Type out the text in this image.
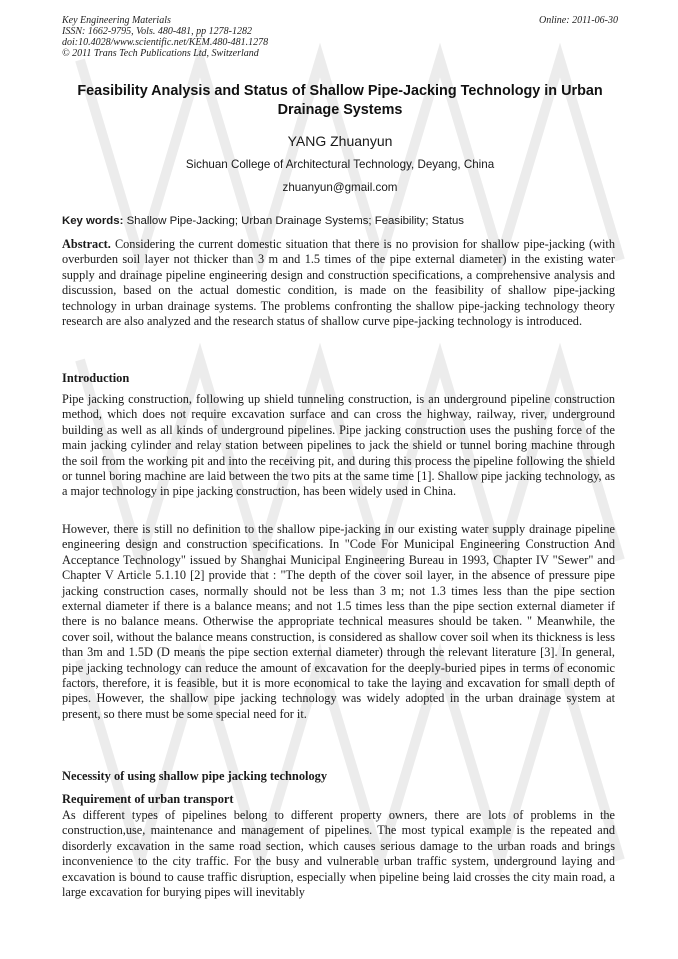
Key Engineering Materials
ISSN: 1662-9795, Vols. 480-481, pp 1278-1282
doi:10.4028/www.scientific.net/KEM.480-481.1278
© 2011 Trans Tech Publications Ltd, Switzerland
Online: 2011-06-30
Feasibility Analysis and Status of Shallow Pipe-Jacking Technology in Urban Drainage Systems
YANG Zhuanyun
Sichuan College of Architectural Technology, Deyang, China
zhuanyun@gmail.com
Key words: Shallow Pipe-Jacking; Urban Drainage Systems; Feasibility; Status

Abstract. Considering the current domestic situation that there is no provision for shallow pipe-jacking (with overburden soil layer not thicker than 3 m and 1.5 times of the pipe external diameter) in the existing water supply and drainage pipeline engineering design and construction specifications, a comprehensive analysis and discussion, based on the actual domestic condition, is made on the feasibility of shallow pipe-jacking technology in urban drainage systems. The problems confronting the shallow pipe-jacking technology theory research are also analyzed and the research status of shallow curve pipe-jacking technology is introduced.

Introduction

Pipe jacking construction, following up shield tunneling construction, is an underground pipeline construction method, which does not require excavation surface and can cross the highway, railway, river, underground building as well as all kinds of underground pipelines. Pipe jacking construction uses the pushing force of the main jacking cylinder and relay station between pipelines to jack the shield or tunnel boring machine through the soil from the working pit and into the receiving pit, and during this process the pipeline following the shield or tunnel boring machine are laid between the two pits at the same time [1]. Shallow pipe jacking technology, as a major technology in pipe jacking construction, has been widely used in China.

However, there is still no definition to the shallow pipe-jacking in our existing water supply drainage pipeline engineering design and construction specifications. In "Code For Municipal Engineering Construction And Acceptance Technology" issued by Shanghai Municipal Engineering Bureau in 1993, Chapter IV "Sewer" and Chapter V Article 5.1.10 [2] provide that : "The depth of the cover soil layer, in the absence of pressure pipe jacking construction cases, normally should not be less than 3 m; not 1.3 times less than the pipe section external diameter if there is a balance means; and not 1.5 times less than the pipe section external diameter if there is no balance means. Otherwise the appropriate technical measures should be taken. " Meanwhile, the cover soil, without the balance means construction, is considered as shallow cover soil when its thickness is less than 3m and 1.5D (D means the pipe section external diameter) through the relevant literature [3]. In general, pipe jacking technology can reduce the amount of excavation for the deeply-buried pipes in terms of economic factors, therefore, it is feasible, but it is more economical to take the laying and excavation for small depth of pipes. However, the shallow pipe jacking technology was widely adopted in the urban drainage system at present, so there must be some special need for it.

Necessity of using shallow pipe jacking technology
Requirement of urban transport

As different types of pipelines belong to different property owners, there are lots of problems in the construction,use, maintenance and management of pipelines. The most typical example is the repeated and disorderly excavation in the same road section, which causes serious damage to the urban roads and brings inconvenience to the city traffic. For the busy and vulnerable urban traffic system, underground laying and excavation is bound to cause traffic disruption, especially when pipeline being laid crosses the city main road, a large excavation for burying pipes will inevitably
